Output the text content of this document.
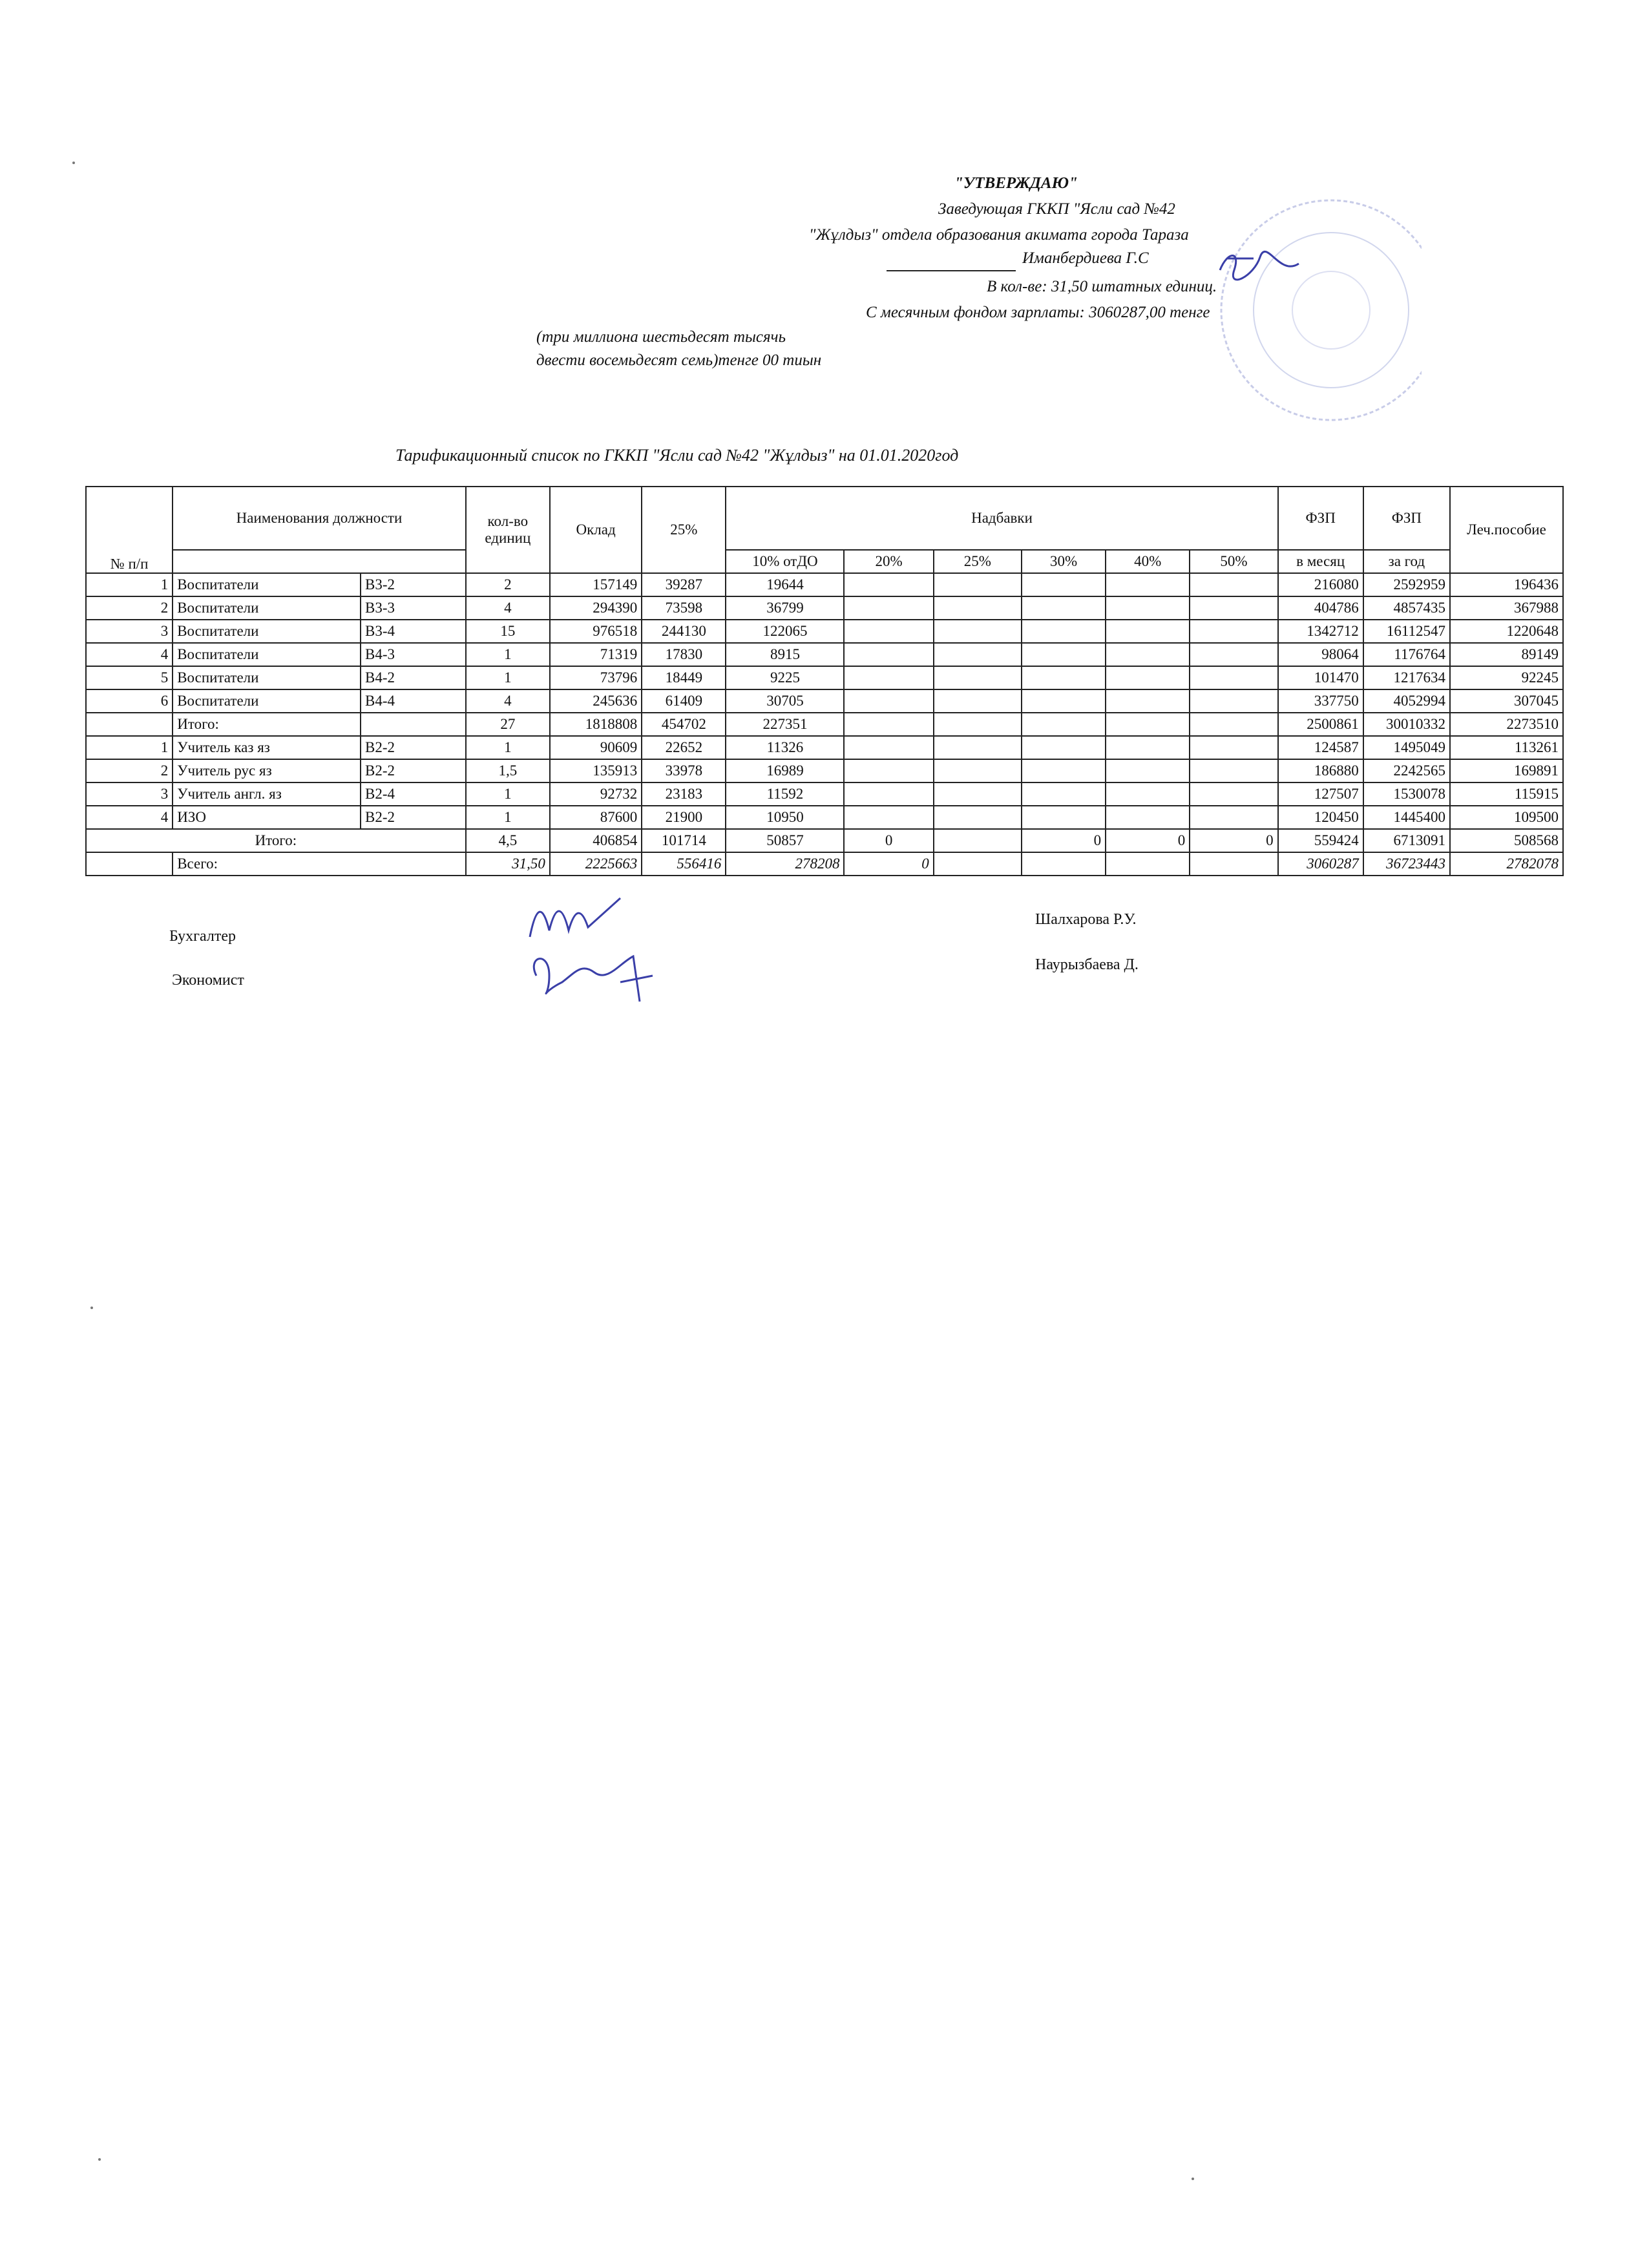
"УТВЕРЖДАЮ"
Заведующая ГККП "Ясли сад №42
"Жұлдыз" отдела образования акимата города Тараза
Иманбердиева Г.С
В кол-ве: 31,50 штатных единиц.
С месячным фондом зарплаты: 3060287,00 тенге
(три миллиона шестьдесят тысячь
двести восемьдесят семь)тенге 00 тиын
Тарификационный список по ГККП "Ясли сад №42 "Жұлдыз" на 01.01.2020год
№ п/п	Наименования должности		кол-во единиц	Оклад	25%	Надбавки						ФЗП	ФЗП	Леч.пособие
						10% отДО	20%	25%	30%	40%	50%	в месяц	за год	
1	Воспитатели	В3-2	2	157149	39287	19644						216080	2592959	196436
2	Воспитатели	В3-3	4	294390	73598	36799						404786	4857435	367988
3	Воспитатели	В3-4	15	976518	244130	122065						1342712	16112547	1220648
4	Воспитатели	В4-3	1	71319	17830	8915						98064	1176764	89149
5	Воспитатели	В4-2	1	73796	18449	9225						101470	1217634	92245
6	Воспитатели	В4-4	4	245636	61409	30705						337750	4052994	307045
	Итого:		27	1818808	454702	227351						2500861	30010332	2273510
1	Учитель каз яз	В2-2	1	90609	22652	11326						124587	1495049	113261
2	Учитель рус яз	В2-2	1,5	135913	33978	16989						186880	2242565	169891
3	Учитель англ. яз	В2-4	1	92732	23183	11592						127507	1530078	115915
4	ИЗО	В2-2	1	87600	21900	10950						120450	1445400	109500
Итого:			4,5	406854	101714	50857	0		0	0	0	559424	6713091	508568
	Всего:		31,50	2225663	556416	278208	0					3060287	36723443	2782078
Бухгалтер
Шалхарова Р.У.
Экономист
Наурызбаева Д.
